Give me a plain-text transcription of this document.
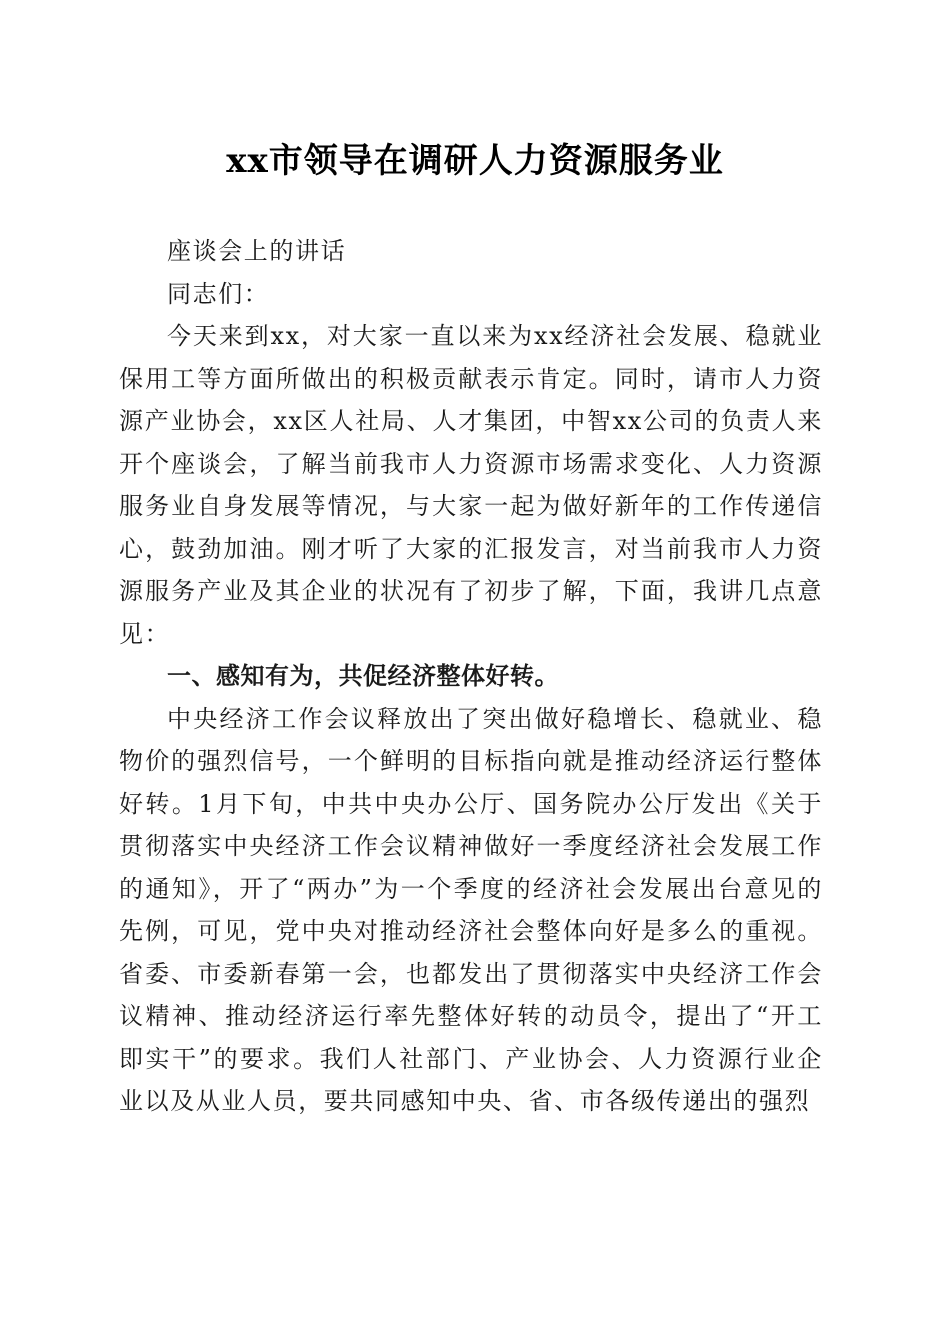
xx市领导在调研人力资源服务业

座谈会上的讲话

同志们：

今天来到xx，对大家一直以来为xx经济社会发展、稳就业保用工等方面所做出的积极贡献表示肯定。同时，请市人力资源产业协会，xx区人社局、人才集团，中智xx公司的负责人来开个座谈会，了解当前我市人力资源市场需求变化、人力资源服务业自身发展等情况，与大家一起为做好新年的工作传递信心，鼓劲加油。刚才听了大家的汇报发言，对当前我市人力资源服务产业及其企业的状况有了初步了解，下面，我讲几点意见：

一、感知有为，共促经济整体好转。

中央经济工作会议释放出了突出做好稳增长、稳就业、稳物价的强烈信号，一个鲜明的目标指向就是推动经济运行整体好转。1月下旬，中共中央办公厅、国务院办公厅发出《关于贯彻落实中央经济工作会议精神做好一季度经济社会发展工作的通知》，开了“两办”为一个季度的经济社会发展出台意见的先例，可见，党中央对推动经济社会整体向好是多么的重视。省委、市委新春第一会，也都发出了贯彻落实中央经济工作会议精神、推动经济运行率先整体好转的动员令，提出了“开工即实干”的要求。我们人社部门、产业协会、人力资源行业企业以及从业人员，要共同感知中央、省、市各级传递出的强烈
